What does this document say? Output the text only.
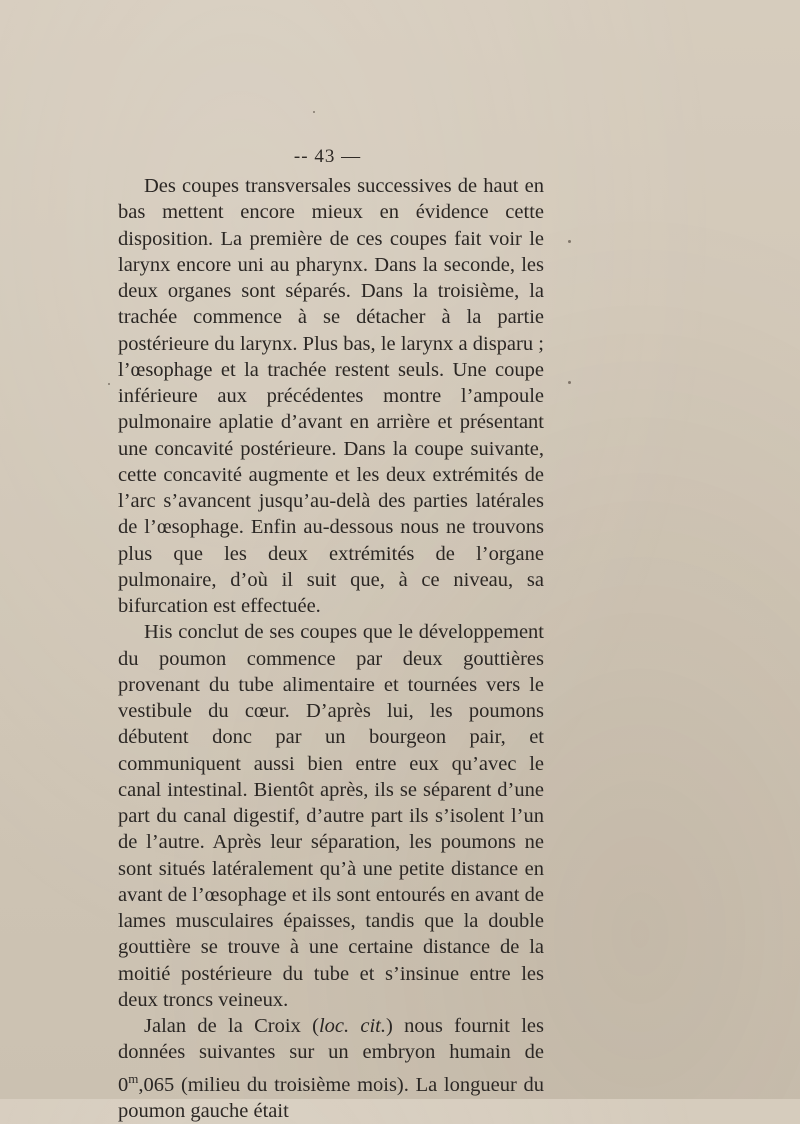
-- 43 —

Des coupes transversales successives de haut en bas mettent encore mieux en évidence cette disposition. La première de ces coupes fait voir le larynx encore uni au pharynx. Dans la seconde, les deux organes sont séparés. Dans la troisième, la trachée commence à se détacher à la partie postérieure du larynx. Plus bas, le larynx a disparu ; l’œsophage et la trachée restent seuls. Une coupe inférieure aux précédentes montre l’ampoule pulmonaire aplatie d’avant en arrière et présentant une concavité postérieure. Dans la coupe suivante, cette concavité augmente et les deux extrémités de l’arc s’avancent jusqu’au-delà des parties latérales de l’œsophage. Enfin au-dessous nous ne trouvons plus que les deux extrémités de l’organe pulmonaire, d’où il suit que, à ce niveau, sa bifurcation est effectuée.

His conclut de ses coupes que le développement du poumon commence par deux gouttières provenant du tube alimentaire et tournées vers le vestibule du cœur. D’après lui, les poumons débutent donc par un bourgeon pair, et communiquent aussi bien entre eux qu’avec le canal intestinal. Bientôt après, ils se séparent d’une part du canal digestif, d’autre part ils s’isolent l’un de l’autre. Après leur séparation, les poumons ne sont situés latéralement qu’à une petite distance en avant de l’œsophage et ils sont entourés en avant de lames musculaires épaisses, tandis que la double gouttière se trouve à une certaine distance de la moitié postérieure du tube et s’insinue entre les deux troncs veineux.

Jalan de la Croix (loc. cit.) nous fournit les données suivantes sur un embryon humain de 0$^m$,065 (milieu du troisième mois). La longueur du poumon gauche était
